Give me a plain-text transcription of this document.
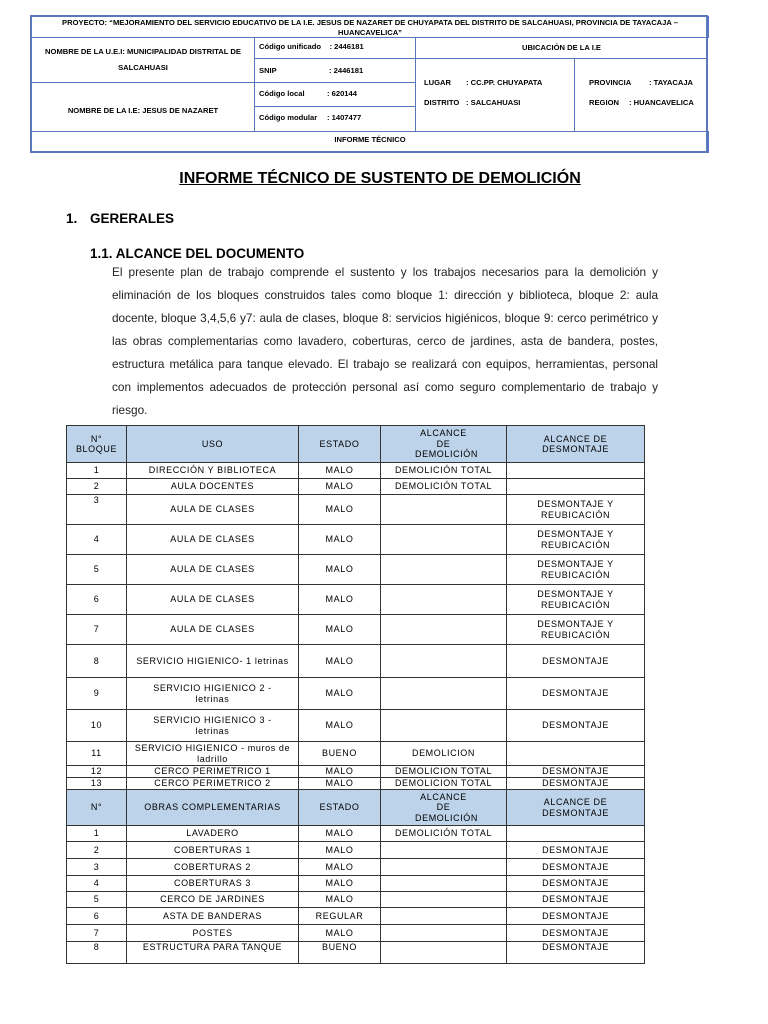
PROYECTO: “MEJORAMIENTO DEL SERVICIO EDUCATIVO DE LA I.E. JESUS DE NAZARET DE CHUYAPATA DEL DISTRITO DE SALCAHUASI, PROVINCIA DE TAYACAJA – HUANCAVELICA”
NOMBRE DE LA U.E.I: MUNICIPALIDAD DISTRITAL DE SALCAHUASI
NOMBRE DE LA I.E: JESUS DE NAZARET
Código unificado : 2446181
SNIP	: 2446181
Código local	: 620144
Código modular : 1407477
UBICACIÓN DE LA I.E
LUGAR : CC.PP. CHUYAPATA
DISTRITO : SALCAHUASI
PROVINCIA : TAYACAJA
REGION : HUANCAVELICA
INFORME TÉCNICO
INFORME TÉCNICO DE SUSTENTO DE DEMOLICIÓN
1. GERERALES
1.1. ALCANCE DEL DOCUMENTO
El presente plan de trabajo comprende el sustento y los trabajos necesarios para la demolición y eliminación de los bloques construidos tales como bloque 1: dirección y biblioteca, bloque 2: aula docente, bloque 3,4,5,6 y7: aula de clases, bloque 8: servicios higiénicos, bloque 9: cerco perimétrico y las obras complementarias como lavadero, coberturas, cerco de jardines, asta de bandera, postes, estructura metálica para tanque elevado. El trabajo se realizará con equipos, herramientas, personal con implementos adecuados de protección personal así como seguro complementario de trabajo y riesgo.
N° BLOQUE	USO	ESTADO	ALCANCE DE DEMOLICIÓN	ALCANCE DE DESMONTAJE
1	DIRECCIÓN Y BIBLIOTECA	MALO	DEMOLICIÓN TOTAL	
2	AULA DOCENTES	MALO	DEMOLICIÓN TOTAL	
3	AULA DE CLASES	MALO		DESMONTAJE Y REUBICACIÓN
4	AULA DE CLASES	MALO		DESMONTAJE Y REUBICACIÓN
5	AULA DE CLASES	MALO		DESMONTAJE Y REUBICACIÓN
6	AULA DE CLASES	MALO		DESMONTAJE Y REUBICACIÓN
7	AULA DE CLASES	MALO		DESMONTAJE Y REUBICACIÓN
8	SERVICIO HIGIENICO- 1 letrinas	MALO		DESMONTAJE
9	SERVICIO HIGIENICO 2 - letrinas	MALO		DESMONTAJE
10	SERVICIO HIGIENICO 3 - letrinas	MALO		DESMONTAJE
11	SERVICIO HIGIENICO - muros de ladrillo	BUENO	DEMOLICION	
12	CERCO PERIMETRICO 1	MALO	DEMOLICION TOTAL	DESMONTAJE
13	CERCO PERIMETRICO 2	MALO	DEMOLICION TOTAL	DESMONTAJE
N°	OBRAS COMPLEMENTARIAS	ESTADO	ALCANCE DE DEMOLICIÓN	ALCANCE DE DESMONTAJE
1	LAVADERO	MALO	DEMOLICIÓN TOTAL	
2	COBERTURAS 1	MALO		DESMONTAJE
3	COBERTURAS 2	MALO		DESMONTAJE
4	COBERTURAS 3	MALO		DESMONTAJE
5	CERCO DE JARDINES	MALO		DESMONTAJE
6	ASTA DE BANDERAS	REGULAR		DESMONTAJE
7	POSTES	MALO		DESMONTAJE
8	ESTRUCTURA PARA TANQUE	BUENO		DESMONTAJE
